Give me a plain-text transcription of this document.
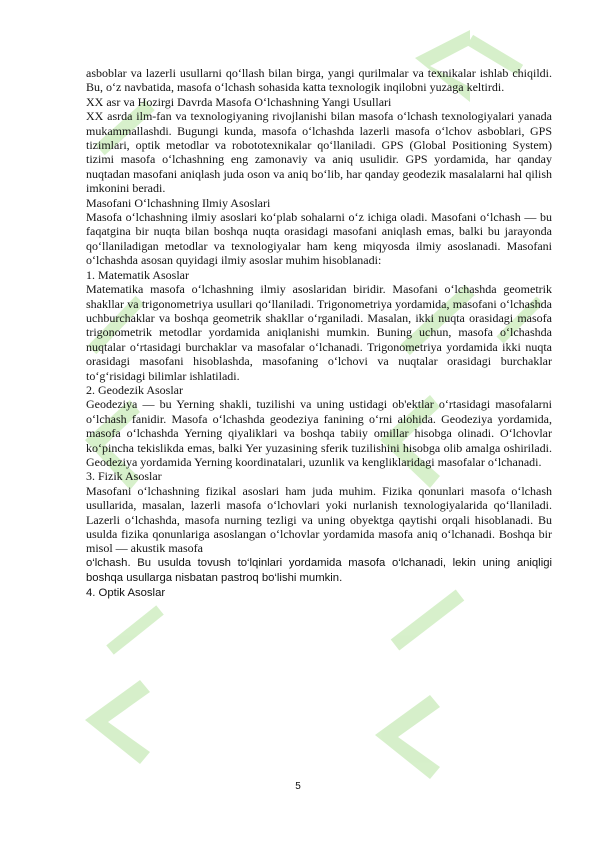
asboblar va lazerli usullarni qo‘llash bilan birga, yangi qurilmalar va texnikalar ishlab chiqildi. Bu, o‘z navbatida, masofa o‘lchash sohasida katta texnologik inqilobni yuzaga keltirdi.

XX asr va Hozirgi Davrda Masofa O‘lchashning Yangi Usullari

XX asrda ilm-fan va texnologiyaning rivojlanishi bilan masofa o‘lchash texnologiyalari yanada mukammallashdi. Bugungi kunda, masofa o‘lchashda lazerli masofa o‘lchov asboblari, GPS tizimlari, optik metodlar va robototexnikalar qo‘llaniladi. GPS (Global Positioning System) tizimi masofa o‘lchashning eng zamonaviy va aniq usulidir. GPS yordamida, har qanday nuqtadan masofani aniqlash juda oson va aniq bo‘lib, har qanday geodezik masalalarni hal qilish imkonini beradi.

Masofani O‘lchashning Ilmiy Asoslari

Masofa o‘lchashning ilmiy asoslari ko‘plab sohalarni o‘z ichiga oladi. Masofani o‘lchash — bu faqatgina bir nuqta bilan boshqa nuqta orasidagi masofani aniqlash emas, balki bu jarayonda qo‘llaniladigan metodlar va texnologiyalar ham keng miqyosda ilmiy asoslanadi. Masofani o‘lchashda asosan quyidagi ilmiy asoslar muhim hisoblanadi:

1. Matematik Asoslar

Matematika masofa o‘lchashning ilmiy asoslaridan biridir. Masofani o‘lchashda geometrik shakllar va trigonometriya usullari qo‘llaniladi. Trigonometriya yordamida, masofani o‘lchashda uchburchaklar va boshqa geometrik shakllar o‘rganiladi. Masalan, ikki nuqta orasidagi masofa trigonometrik metodlar yordamida aniqlanishi mumkin. Buning uchun, masofa o‘lchashda nuqtalar o‘rtasidagi burchaklar va masofalar o‘lchanadi. Trigonometriya yordamida ikki nuqta orasidagi masofani hisoblashda, masofaning o‘lchovi va nuqtalar orasidagi burchaklar to‘g‘risidagi bilimlar ishlatiladi.

2. Geodezik Asoslar

Geodeziya — bu Yerning shakli, tuzilishi va uning ustidagi ob'ektlar o‘rtasidagi masofalarni o‘lchash fanidir. Masofa o‘lchashda geodeziya fanining o‘rni alohida. Geodeziya yordamida, masofa o‘lchashda Yerning qiyaliklari va boshqa tabiiy omillar hisobga olinadi. O‘lchovlar ko‘pincha tekislikda emas, balki Yer yuzasining sferik tuzilishini hisobga olib amalga oshiriladi. Geodeziya yordamida Yerning koordinatalari, uzunlik va kengliklaridagi masofalar o‘lchanadi.

3. Fizik Asoslar

Masofani o‘lchashning fizikal asoslari ham juda muhim. Fizika qonunlari masofa o‘lchash usullarida, masalan, lazerli masofa o‘lchovlari yoki nurlanish texnologiyalarida qo‘llaniladi. Lazerli o‘lchashda, masofa nurning tezligi va uning obyektga qaytishi orqali hisoblanadi. Bu usulda fizika qonunlariga asoslangan o‘lchovlar yordamida masofa aniq o‘lchanadi. Boshqa bir misol — akustik masofa

o‘lchash. Bu usulda tovush to‘lqinlari yordamida masofa o‘lchanadi, lekin uning aniqligi boshqa usullarga nisbatan pastroq bo‘lishi mumkin.

4. Optik Asoslar

5
